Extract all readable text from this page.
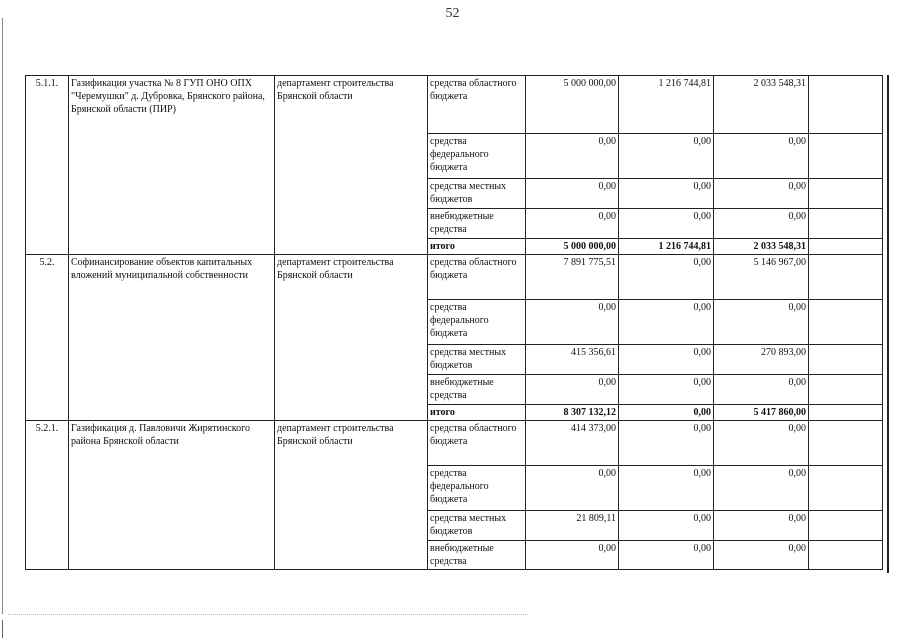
52
5.1.1.	Газификация участка № 8 ГУП ОНО ОПХ "Черемушки" д. Дубровка, Брянского района, Брянской области (ПИР)	департамент строительства Брянской области	средства областного бюджета	5 000 000,00	1 216 744,81	2 033 548,31	
			средства федерального бюджета	0,00	0,00	0,00	
			средства местных бюджетов	0,00	0,00	0,00	
			внебюджетные средства	0,00	0,00	0,00	
			итого	5 000 000,00	1 216 744,81	2 033 548,31	
5.2.	Софинансирование объектов капитальных вложений муниципальной собственности	департамент строительства Брянской области	средства областного бюджета	7 891 775,51	0,00	5 146 967,00	
			средства федерального бюджета	0,00	0,00	0,00	
			средства местных бюджетов	415 356,61	0,00	270 893,00	
			внебюджетные средства	0,00	0,00	0,00	
			итого	8 307 132,12	0,00	5 417 860,00	
5.2.1.	Газификация д. Павловичи Жирятинского района Брянской области	департамент строительства Брянской области	средства областного бюджета	414 373,00	0,00	0,00	
			средства федерального бюджета	0,00	0,00	0,00	
			средства местных бюджетов	21 809,11	0,00	0,00	
			внебюджетные средства	0,00	0,00	0,00	
